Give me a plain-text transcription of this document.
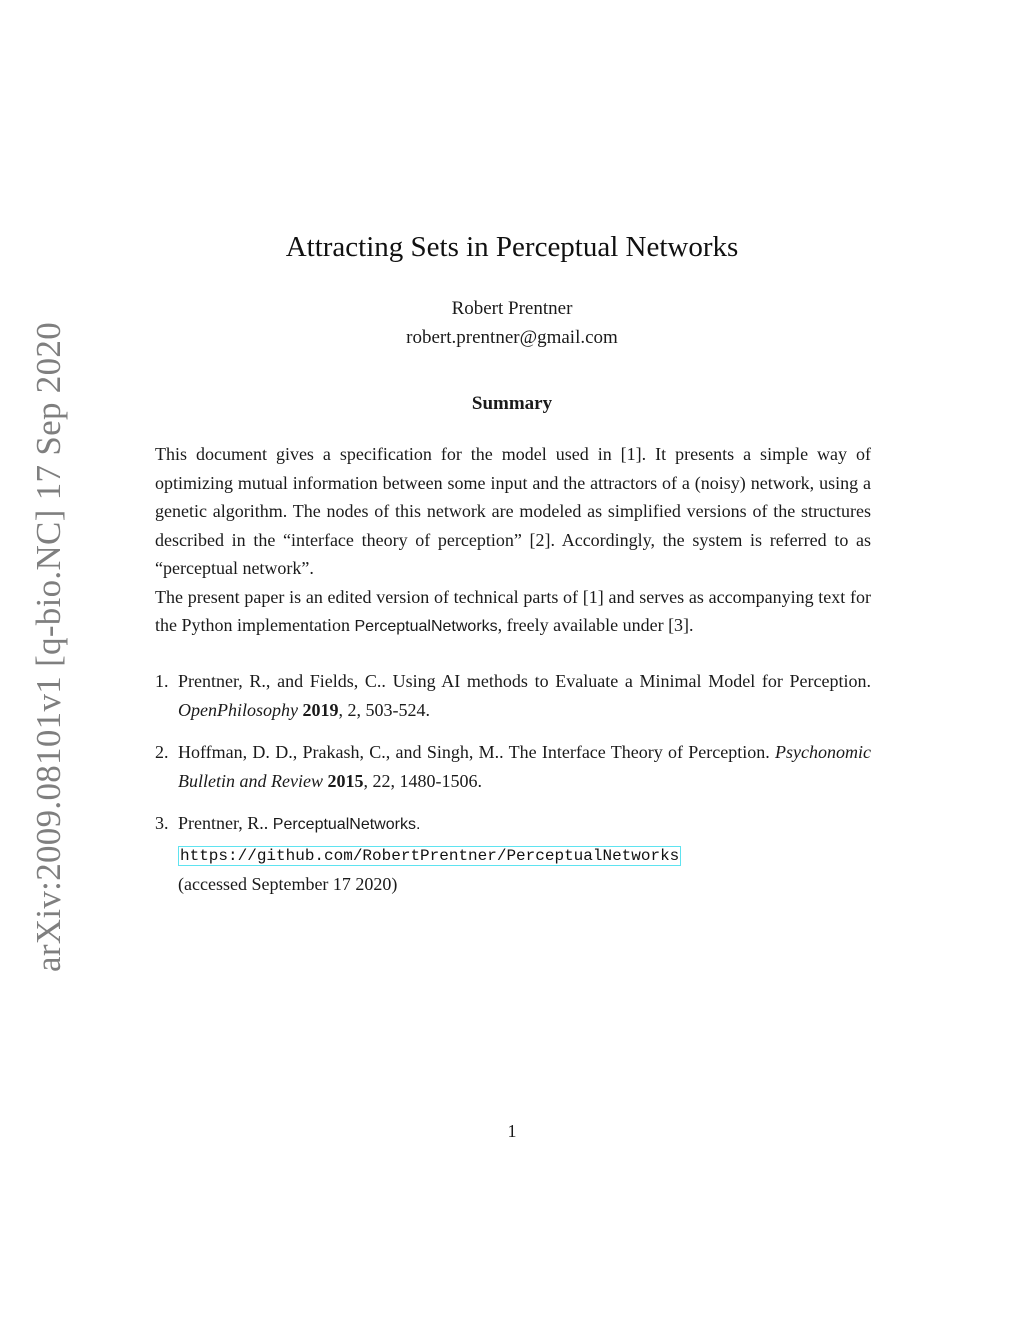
arXiv:2009.08101v1 [q-bio.NC] 17 Sep 2020
Attracting Sets in Perceptual Networks
Robert Prentner
robert.prentner@gmail.com
Summary

This document gives a specification for the model used in [1]. It presents a simple way of optimizing mutual information between some input and the attractors of a (noisy) network, using a genetic algorithm. The nodes of this network are modeled as simplified versions of the structures described in the “interface theory of perception” [2]. Accordingly, the system is referred to as “perceptual network”.

The present paper is an edited version of technical parts of [1] and serves as accompanying text for the Python implementation PerceptualNetworks, freely available under [3].

1. Prentner, R., and Fields, C.. Using AI methods to Evaluate a Minimal Model for Perception. OpenPhilosophy 2019, 2, 503-524.
2. Hoffman, D. D., Prakash, C., and Singh, M.. The Interface Theory of Perception. Psychonomic Bulletin and Review 2015, 22, 1480-1506.
3. Prentner, R.. PerceptualNetworks. https://github.com/RobertPrentner/PerceptualNetworks
(accessed September 17 2020)
1
